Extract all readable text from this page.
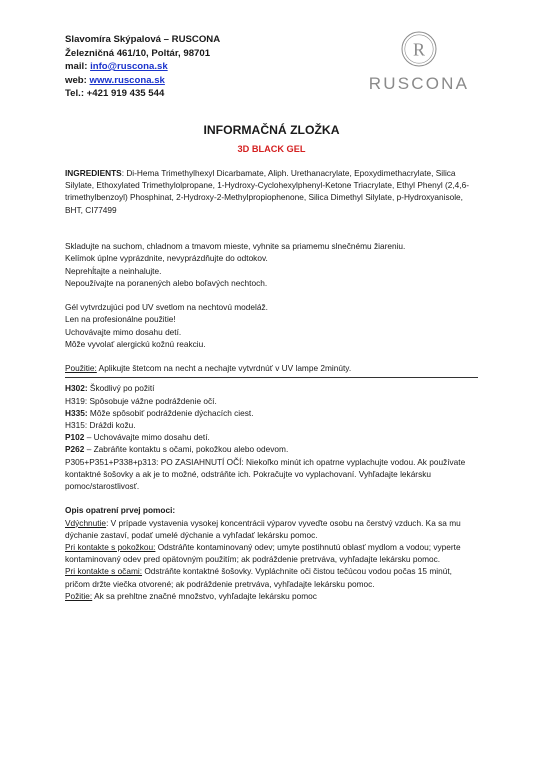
Slavomíra Skýpalová – RUSCONA
Železničná 461/10, Poltár, 98701
mail: info@ruscona.sk
web: www.ruscona.sk
Tel.: +421 919 435 544
R
RUSCONA
INFORMAČNÁ ZLOŽKA
3D BLACK GEL

INGREDIENTS: Di-Hema Trimethylhexyl Dicarbamate, Aliph. Urethanacrylate, Epoxydimethacrylate, Silica Silylate, Ethoxylated Trimethylolpropane, 1-Hydroxy-Cyclohexylphenyl-Ketone Triacrylate, Ethyl Phenyl (2,4,6-trimethylbenzoyl) Phosphinat, 2-Hydroxy-2-Methylpropiophenone, Silica Dimethyl Silylate, p-Hydroxyanisole, BHT, CI77499

Skladujte na suchom, chladnom a tmavom mieste, vyhnite sa priamemu slnečnému žiareniu.

Kelímok úplne vyprázdnite, nevyprázdňujte do odtokov.

Neprehĺtajte a neinhalujte.

Nepoužívajte na poranených alebo boľavých nechtoch.

Gél vytvrdzujúci pod UV svetlom na nechtovú modeláž.

Len na profesionálne použitie!

Uchovávajte mimo dosahu detí.

Môže vyvolať alergickú kožnú reakciu.

Použitie: Aplikujte štetcom na necht a nechajte vytvrdnúť v UV lampe 2minúty.

H302: Škodlivý po požití

H319: Spôsobuje vážne podráždenie očí.

H335: Môže spôsobiť podráždenie dýchacích ciest.

H315: Dráždi kožu.

P102 – Uchovávajte mimo dosahu detí.

P262 – Zabráňte kontaktu s očami, pokožkou alebo odevom.

P305+P351+P338+p313: PO ZASIAHNUTÍ OČÍ: Niekoľko minút ich opatrne vyplachujte vodou. Ak používate kontaktné šošovky a ak je to možné, odstráňte ich. Pokračujte vo vyplachovaní. Vyhľadajte lekársku pomoc/starostlivosť.

Opis opatrení prvej pomoci:

Vdýchnutie: V prípade vystavenia vysokej koncentrácii výparov vyveďte osobu na čerstvý vzduch. Ka sa mu dýchanie zastaví, podať umelé dýchanie a vyhľadať lekársku pomoc.

Pri kontakte s pokožkou: Odstráňte kontaminovaný odev; umyte postihnutú oblasť mydlom a vodou; vyperte kontaminovaný odev pred opätovným použitím; ak podráždenie pretrváva, vyhľadajte lekársku pomoc.

Pri kontakte s očami: Odstráňte kontaktné šošovky. Vypláchnite oči čistou tečúcou vodou počas 15 minút, pričom držte viečka otvorené; ak podráždenie pretrváva, vyhľadajte lekársku pomoc.

Požitie: Ak sa prehltne značné množstvo, vyhľadajte lekársku pomoc
